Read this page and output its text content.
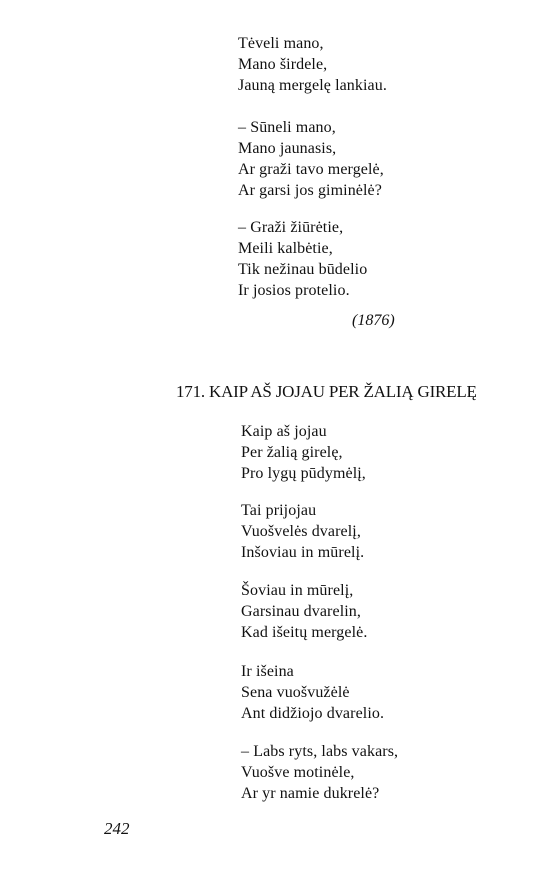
Tėveli mano,
Mano širdele,
Jauną mergelę lankiau.
– Sūneli mano,
Mano jaunasis,
Ar graži tavo mergelė,
Ar garsi jos giminėlė?
– Graži žiūrėtie,
Meili kalbėtie,
Tik nežinau būdelio
Ir josios protelio.
(1876)
171. KAIP AŠ JOJAU PER ŽALIĄ GIRELĘ
Kaip aš jojau
Per žalią girelę,
Pro lygų pūdymėlį,
Tai prijojau
Vuošvelės dvarelį,
Inšoviau in mūrelį.
Šoviau in mūrelį,
Garsinau dvarelin,
Kad išeitų mergelė.
Ir išeina
Sena vuošvužėlė
Ant didžiojo dvarelio.
– Labs ryts, labs vakars,
Vuošve motinėle,
Ar yr namie dukrelė?
242
